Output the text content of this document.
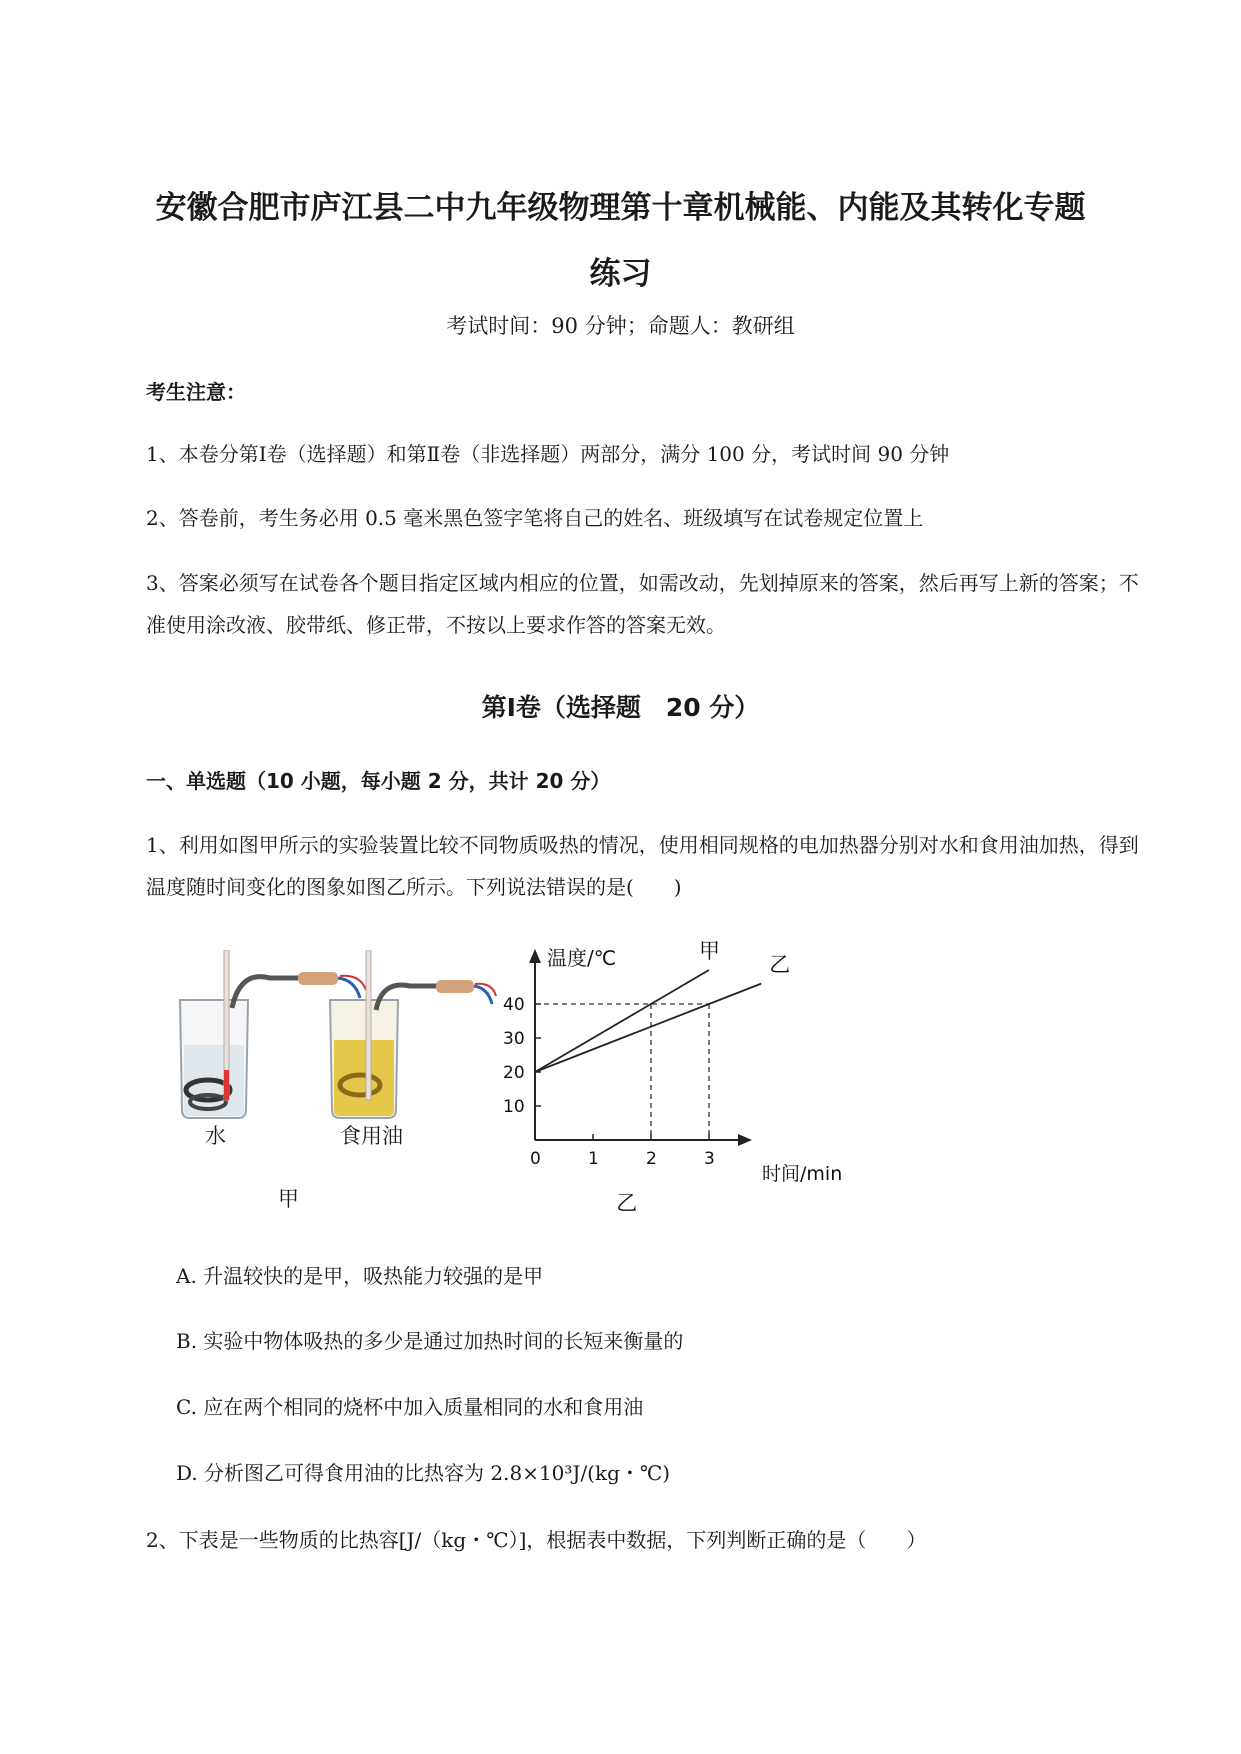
安徽合肥市庐江县二中九年级物理第十章机械能、内能及其转化专题
练习
考试时间：90 分钟；命题人：教研组
考生注意：
1、本卷分第Ⅰ卷（选择题）和第Ⅱ卷（非选择题）两部分，满分 100 分，考试时间 90 分钟
2、答卷前，考生务必用 0.5 毫米黑色签字笔将自己的姓名、班级填写在试卷规定位置上
3、答案必须写在试卷各个题目指定区域内相应的位置，如需改动，先划掉原来的答案，然后再写上新的答案；不准使用涂改液、胶带纸、修正带，不按以上要求作答的答案无效。
第Ⅰ卷（选择题　20 分）
一、单选题（10 小题，每小题 2 分，共计 20 分）
1、利用如图甲所示的实验装置比较不同物质吸热的情况，使用相同规格的电加热器分别对水和食用油加热，得到温度随时间变化的图象如图乙所示。下列说法错误的是(　　)
水	食用油
甲
温度/℃
时间/min
0	1	2	3
10
20
30
40
甲
乙
乙
A. 升温较快的是甲，吸热能力较强的是甲
B. 实验中物体吸热的多少是通过加热时间的长短来衡量的
C. 应在两个相同的烧杯中加入质量相同的水和食用油
D. 分析图乙可得食用油的比热容为 2.8×10³J/(kg・℃)
2、下表是一些物质的比热容[J/（kg・℃）]，根据表中数据，下列判断正确的是（　　）
